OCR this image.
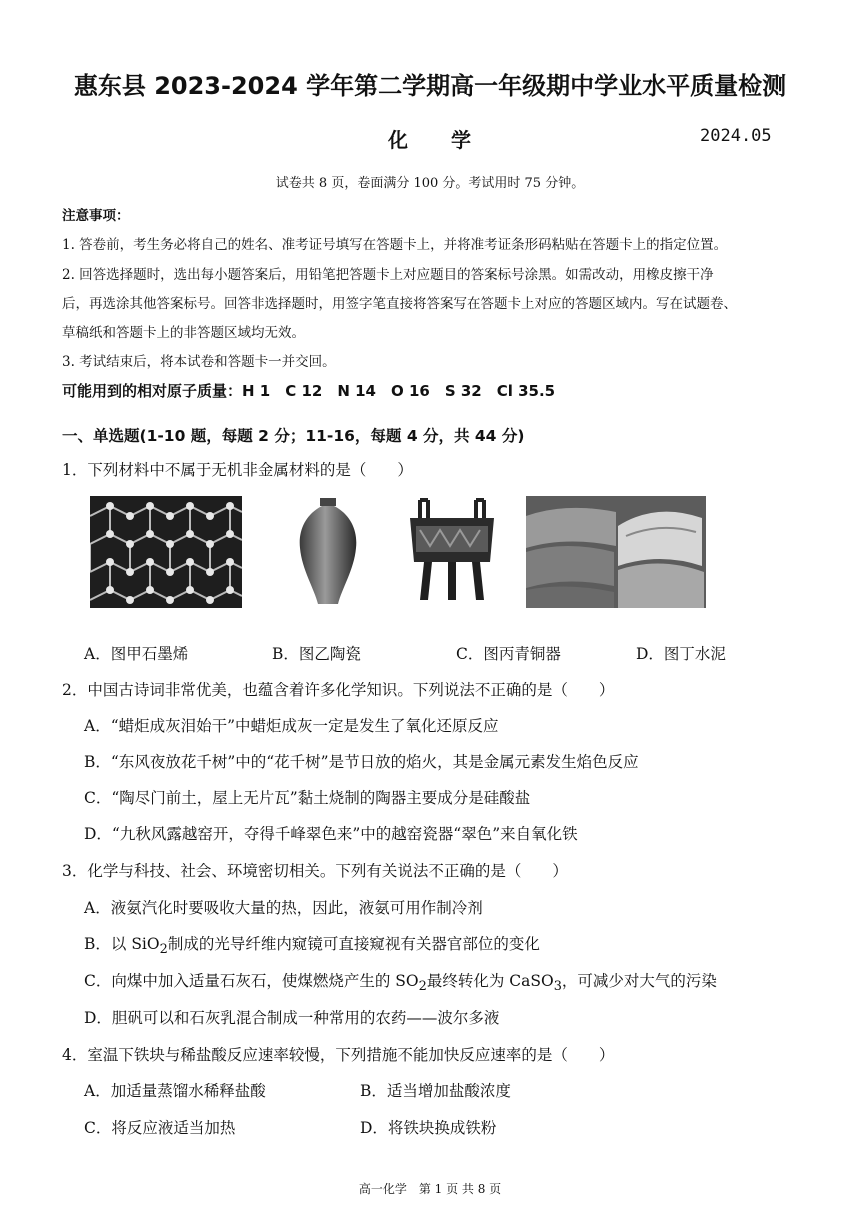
惠东县 2023-2024 学年第二学期高一年级期中学业水平质量检测
化 学	2024.05
试卷共 8 页，卷面满分 100 分。考试用时 75 分钟。
注意事项：
1. 答卷前，考生务必将自己的姓名、准考证号填写在答题卡上，并将准考证条形码粘贴在答题卡上的指定位置。
2. 回答选择题时，选出每小题答案后，用铅笔把答题卡上对应题目的答案标号涂黑。如需改动，用橡皮擦干净
后，再选涂其他答案标号。回答非选择题时，用签字笔直接将答案写在答题卡上对应的答题区域内。写在试题卷、
草稿纸和答题卡上的非答题区域均无效。
3. 考试结束后，将本试卷和答题卡一并交回。
可能用到的相对原子质量：H 1　C 12　N 14　O 16　S 32　Cl 35.5
一、单选题(1-10 题，每题 2 分；11-16，每题 4 分，共 44 分)
1．下列材料中不属于无机非金属材料的是（　　）
A．图甲石墨烯	B．图乙陶瓷	C．图丙青铜器	D．图丁水泥
2．中国古诗词非常优美，也蕴含着许多化学知识。下列说法不正确的是（　　）
A．“蜡炬成灰泪始干”中蜡炬成灰一定是发生了氧化还原反应
B．“东风夜放花千树”中的“花千树”是节日放的焰火，其是金属元素发生焰色反应
C．“陶尽门前土，屋上无片瓦”黏土烧制的陶器主要成分是硅酸盐
D．“九秋风露越窑开，夺得千峰翠色来”中的越窑瓷器“翠色”来自氧化铁
3．化学与科技、社会、环境密切相关。下列有关说法不正确的是（　　）
A．液氨汽化时要吸收大量的热，因此，液氨可用作制冷剂
B．以 SiO$_2$制成的光导纤维内窥镜可直接窥视有关器官部位的变化
C．向煤中加入适量石灰石，使煤燃烧产生的 $SO_2$最终转化为 CaSO$_3$，可减少对大气的污染
D．胆矾可以和石灰乳混合制成一种常用的农药——波尔多液
4．室温下铁块与稀盐酸反应速率较慢，下列措施不能加快反应速率的是（　　）
A．加适量蒸馏水稀释盐酸	B．适当增加盐酸浓度
C．将反应液适当加热	D．将铁块换成铁粉
高一化学　第 1 页 共 8 页
